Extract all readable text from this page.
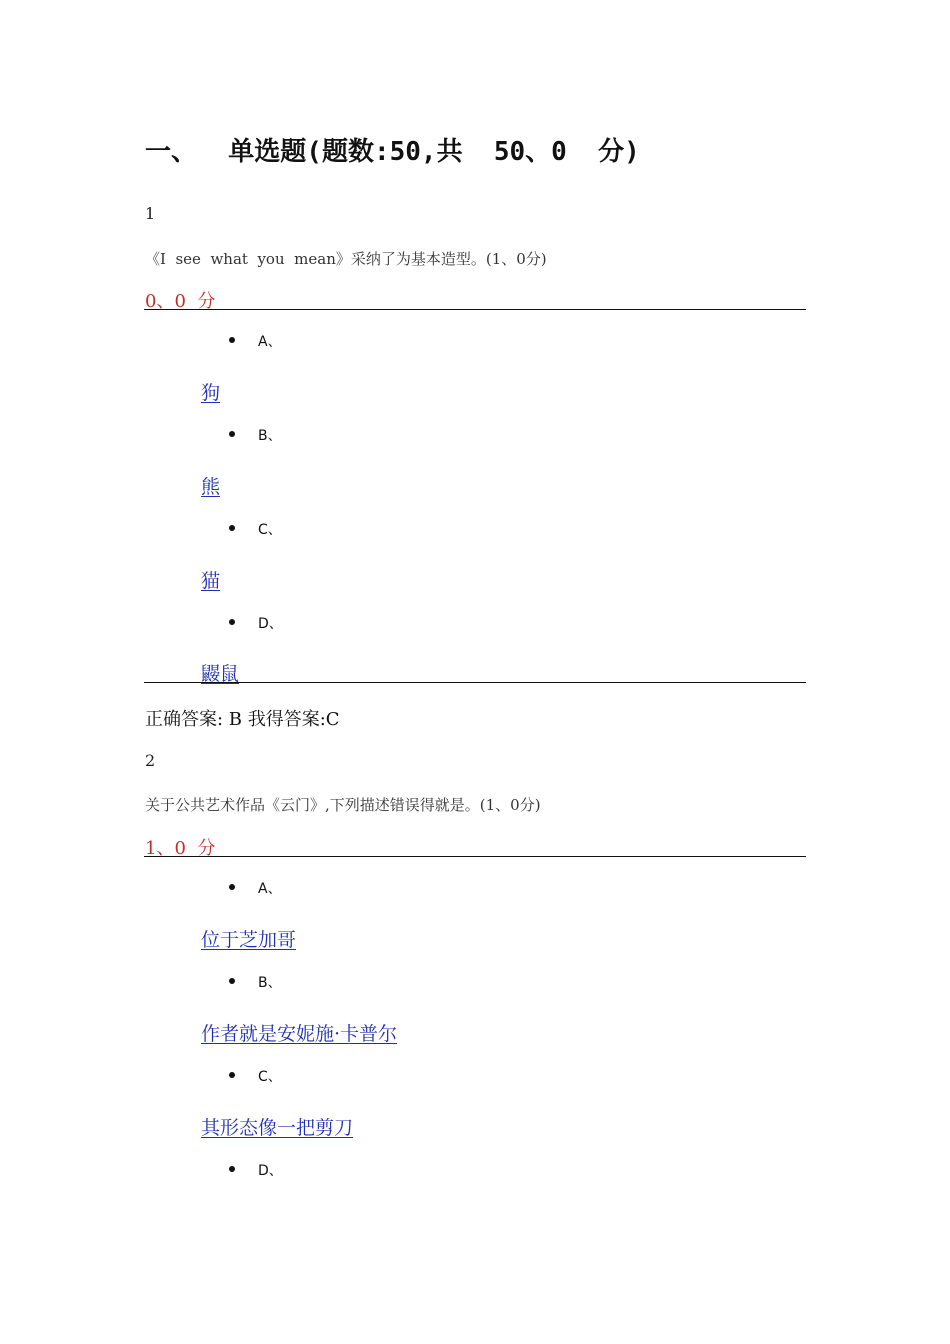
一、  单选题(题数:50,共  50、0  分)
1
《I  see  what  you  mean》采纳了为基本造型。(1、0分)
0、0  分
A、
狗
B、
熊
C、
猫
D、
鼹鼠
正确答案: B 我得答案:C
2
关于公共艺术作品《云门》,下列描述错误得就是。(1、0分)
1、0  分
A、
位于芝加哥
B、
作者就是安妮施·卡普尔
C、
其形态像一把剪刀
D、
